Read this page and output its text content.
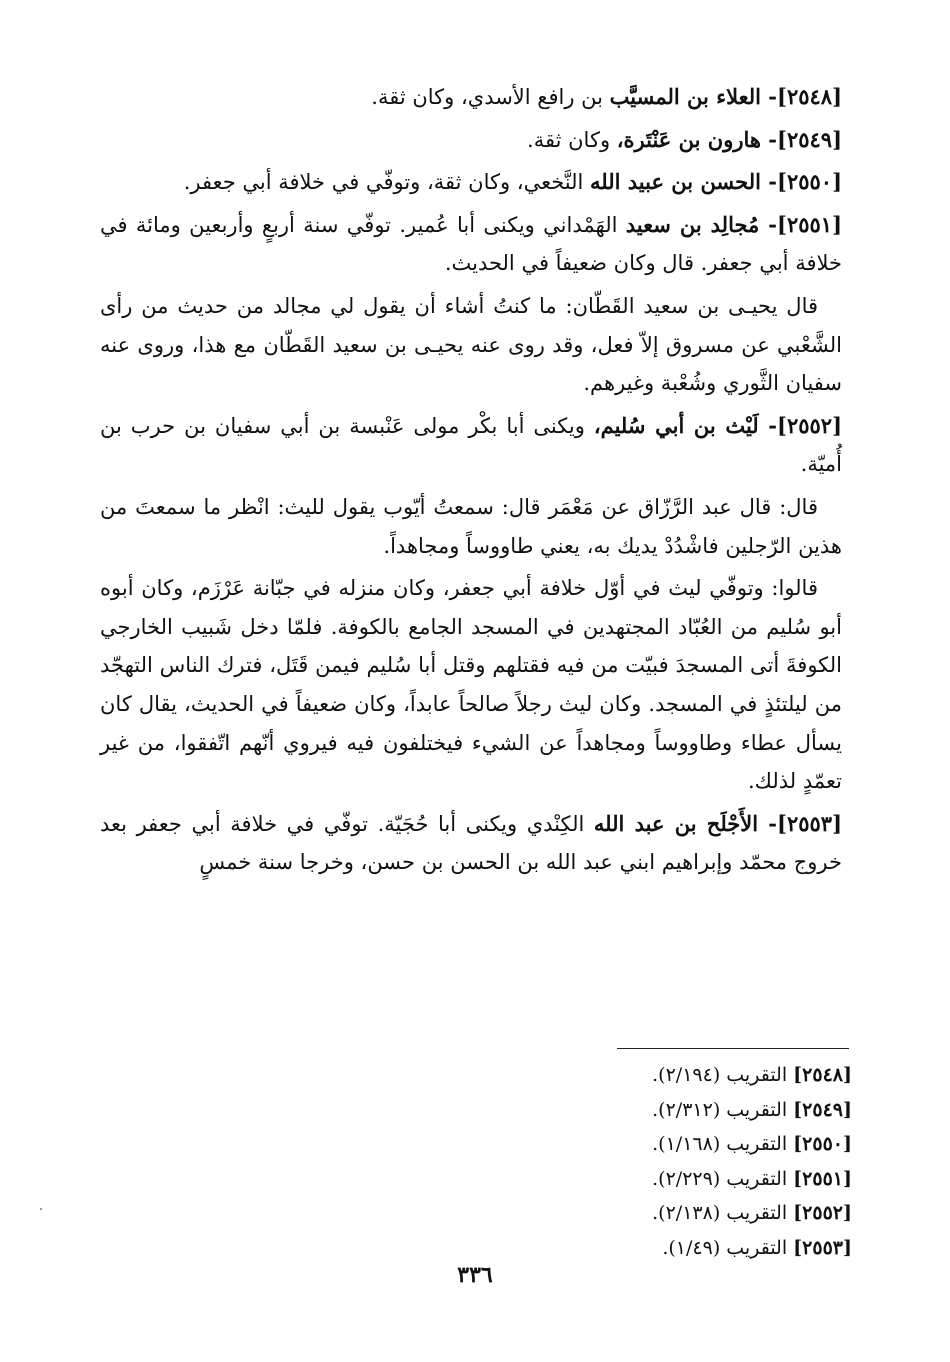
[٢٥٤٨]- العلاء بن المسيَّب بن رافع الأسدي، وكان ثقة.

[٢٥٤٩]- هارون بن عَنْتَرة، وكان ثقة.

[٢٥٥٠]- الحسن بن عبيد الله النَّخعي، وكان ثقة، وتوفّي في خلافة أبي جعفر.

[٢٥٥١]- مُجالِد بن سعيد الهَمْداني ويكنى أبا عُمير. توفّي سنة أربعٍ وأربعين ومائة في خلافة أبي جعفر. قال وكان ضعيفاً في الحديث.

قال يحيـى بن سعيد القَطّان: ما كنتُ أشاء أن يقول لي مجالد من حديث من رأى الشَّعْبي عن مسروق إلاّ فعل، وقد روى عنه يحيـى بن سعيد القَطّان مع هذا، وروى عنه سفيان الثَّوري وشُعْبة وغيرهم.

[٢٥٥٢]- لَيْث بن أبي سُليم، ويكنى أبا بكْر مولى عَنْبسة بن أبي سفيان بن حرب بن أُميّة.

قال: قال عبد الرَّزّاق عن مَعْمَر قال: سمعتُ أيّوب يقول لليث: انْظر ما سمعتَ من هذين الرّجلين فاشْدُدْ يديك به، يعني طاووساً ومجاهداً.

قالوا: وتوفّي ليث في أوّل خلافة أبي جعفر، وكان منزله في جبّانة عَرْزَم، وكان أبوه أبو سُليم من العُبّاد المجتهدين في المسجد الجامع بالكوفة. فلمّا دخل شَبيب الخارجي الكوفةَ أتى المسجدَ فبيّت من فيه فقتلهم وقتل أبا سُليم فيمن قَتَل، فترك الناس التهجّد من ليلتئذٍ في المسجد. وكان ليث رجلاً صالحاً عابداً، وكان ضعيفاً في الحديث، يقال كان يسأل عطاء وطاووساً ومجاهداً عن الشيء فيختلفون فيه فيروي أنّهم اتّفقوا، من غير تعمّدٍ لذلك.

[٢٥٥٣]- الأَجْلَح بن عبد الله الكِنْدي ويكنى أبا حُجَيّة. توفّي في خلافة أبي جعفر بعد خروج محمّد وإبراهيم ابني عبد الله بن الحسن بن حسن، وخرجا سنة خمسٍ

[٢٥٤٨] التقريب (٢/١٩٤).
[٢٥٤٩] التقريب (٢/٣١٢).
[٢٥٥٠] التقريب (١/١٦٨).
[٢٥٥١] التقريب (٢/٢٢٩).
[٢٥٥٢] التقريب (٢/١٣٨).
[٢٥٥٣] التقريب (١/٤٩).
٣٣٦
